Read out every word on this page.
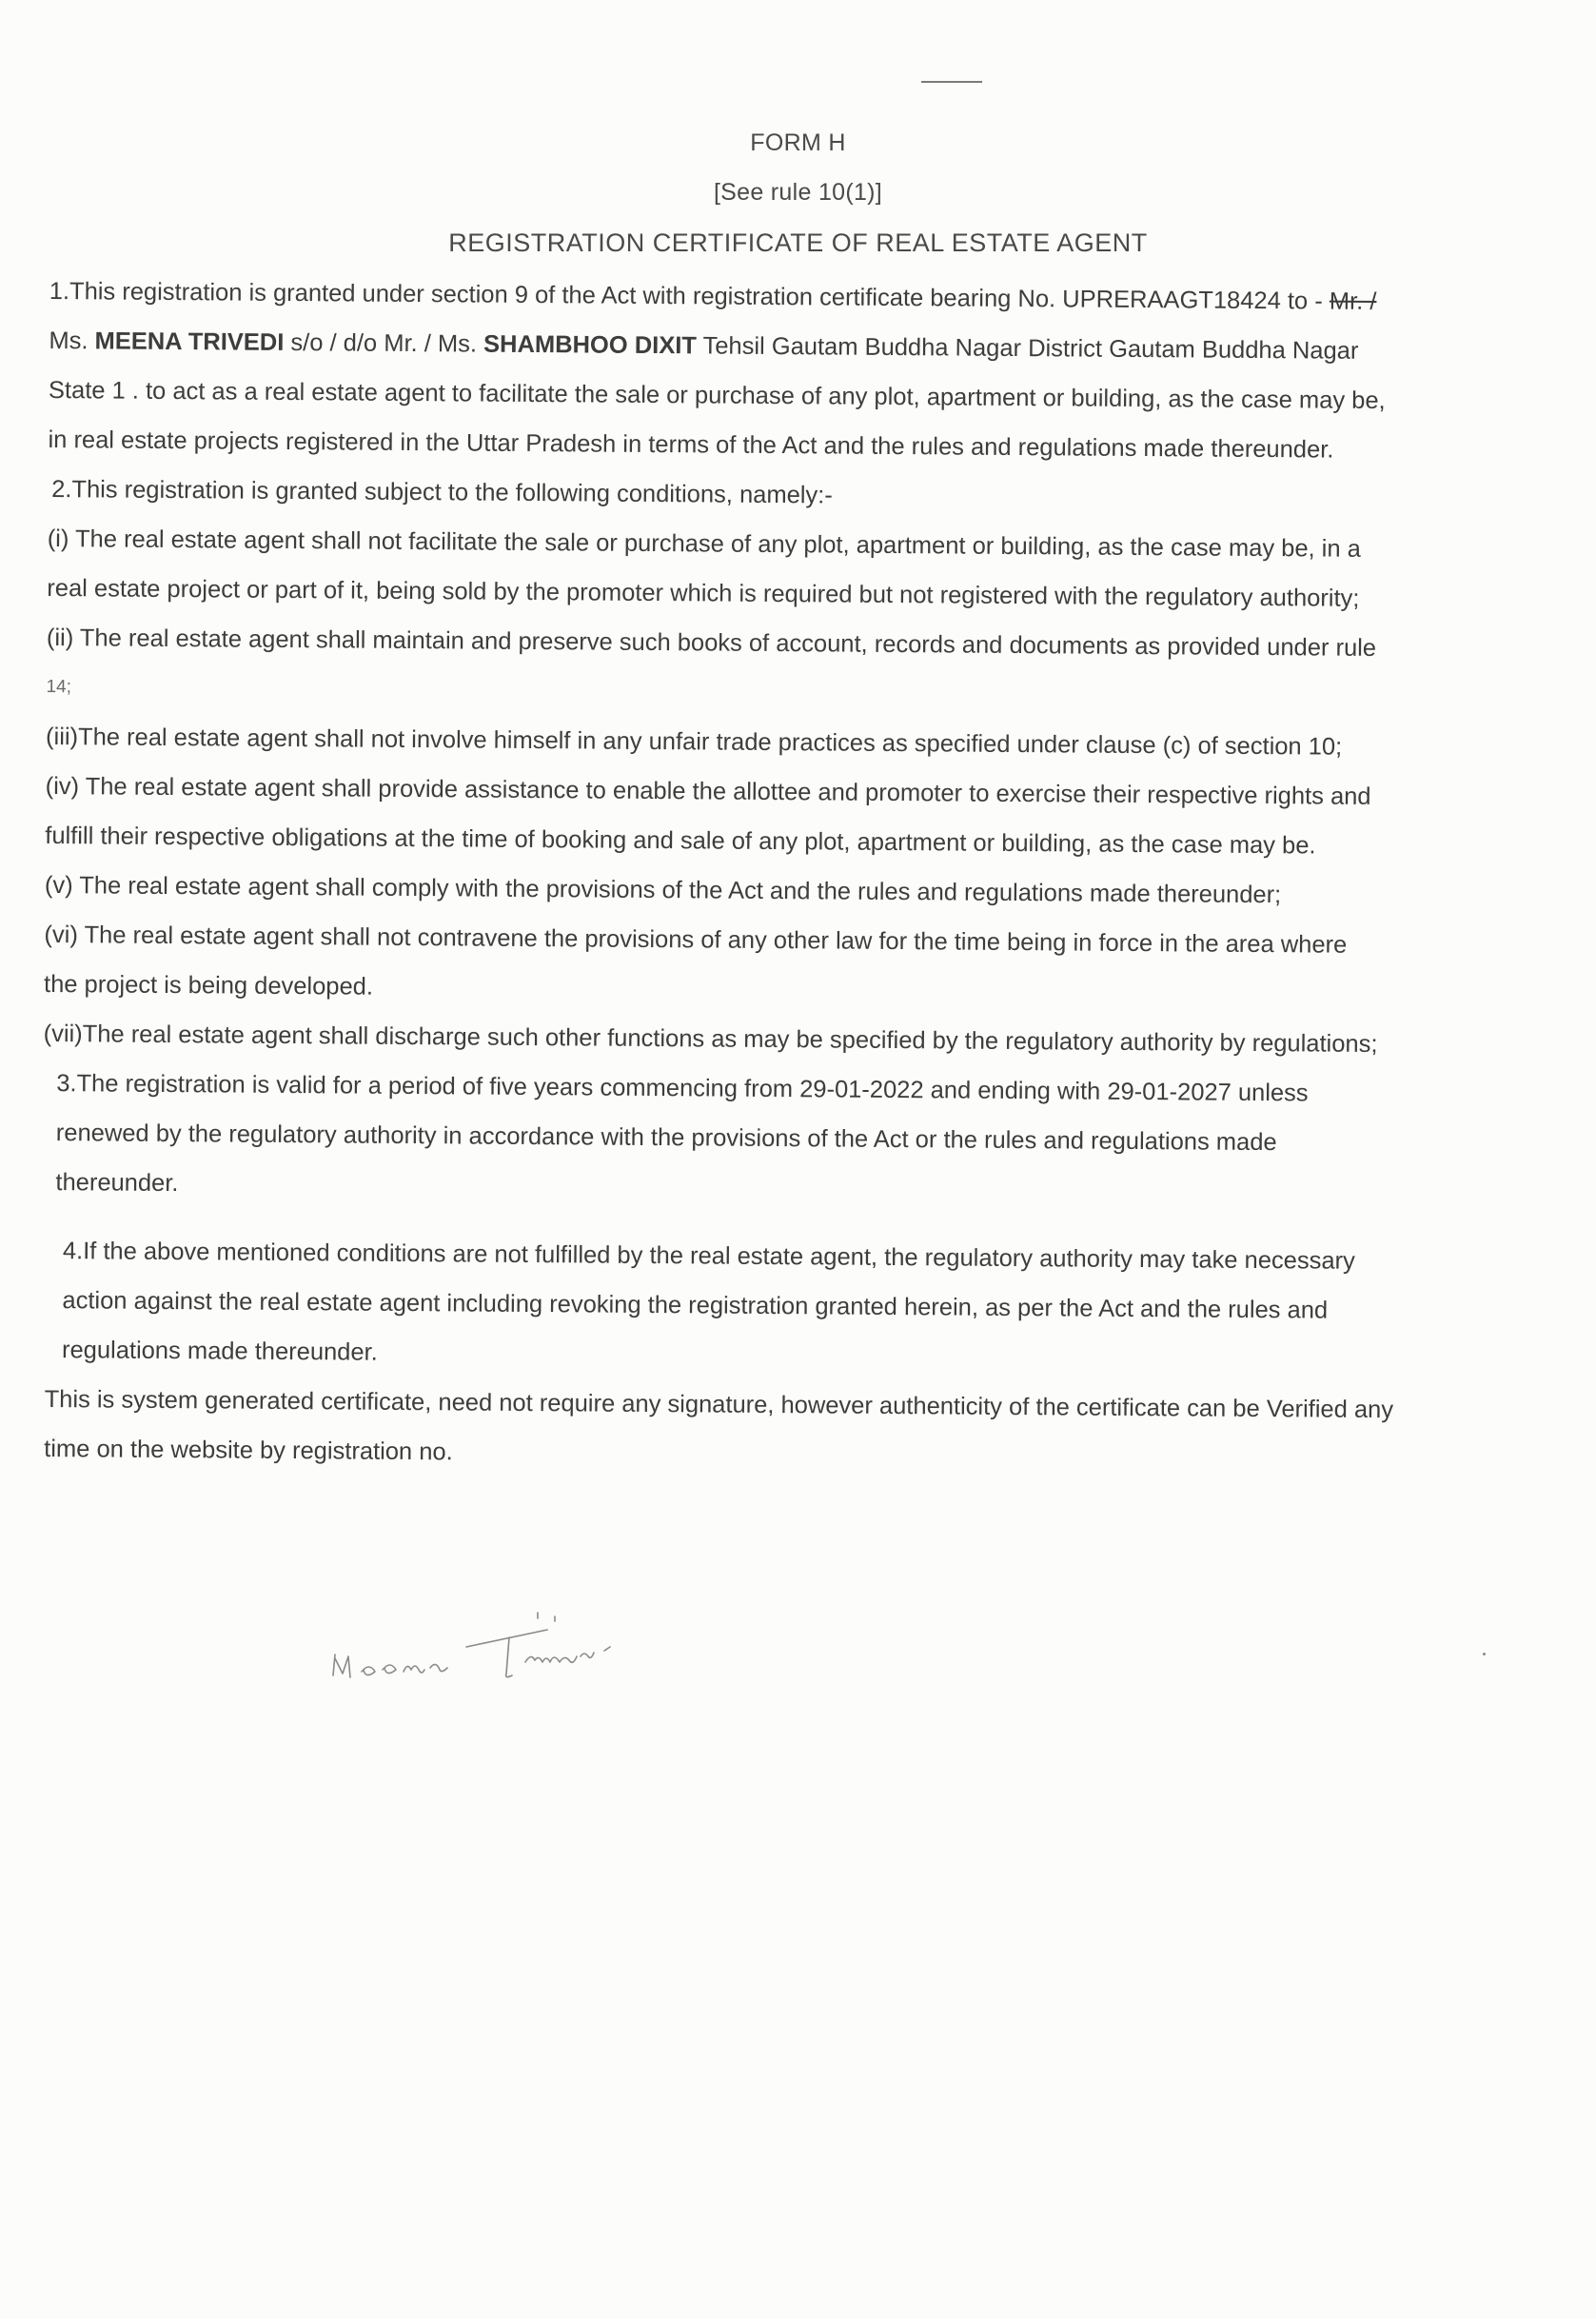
FORM H
[See rule 10(1)]
REGISTRATION CERTIFICATE OF REAL ESTATE AGENT
1.This registration is granted under section 9 of the Act with registration certificate bearing No. UPRERAAGT18424 to - Mr. /
Ms. MEENA TRIVEDI s/o / d/o Mr. / Ms. SHAMBHOO DIXIT Tehsil Gautam Buddha Nagar District Gautam Buddha Nagar
State 1 . to act as a real estate agent to facilitate the sale or purchase of any plot, apartment or building, as the case may be,
in real estate projects registered in the Uttar Pradesh in terms of the Act and the rules and regulations made thereunder.
2.This registration is granted subject to the following conditions, namely:-
(i) The real estate agent shall not facilitate the sale or purchase of any plot, apartment or building, as the case may be, in a
real estate project or part of it, being sold by the promoter which is required but not registered with the regulatory authority;
(ii) The real estate agent shall maintain and preserve such books of account, records and documents as provided under rule
14;
(iii)The real estate agent shall not involve himself in any unfair trade practices as specified under clause (c) of section 10;
(iv) The real estate agent shall provide assistance to enable the allottee and promoter to exercise their respective rights and
fulfill their respective obligations at the time of booking and sale of any plot, apartment or building, as the case may be.
(v) The real estate agent shall comply with the provisions of the Act and the rules and regulations made thereunder;
(vi) The real estate agent shall not contravene the provisions of any other law for the time being in force in the area where
the project is being developed.
(vii)The real estate agent shall discharge such other functions as may be specified by the regulatory authority by regulations;
3.The registration is valid for a period of five years commencing from 29-01-2022 and ending with 29-01-2027 unless
renewed by the regulatory authority in accordance with the provisions of the Act or the rules and regulations made
thereunder.
4.If the above mentioned conditions are not fulfilled by the real estate agent, the regulatory authority may take necessary
action against the real estate agent including revoking the registration granted herein, as per the Act and the rules and
regulations made thereunder.
This is system generated certificate, need not require any signature, however authenticity of the certificate can be Verified any
time on the website by registration no.
